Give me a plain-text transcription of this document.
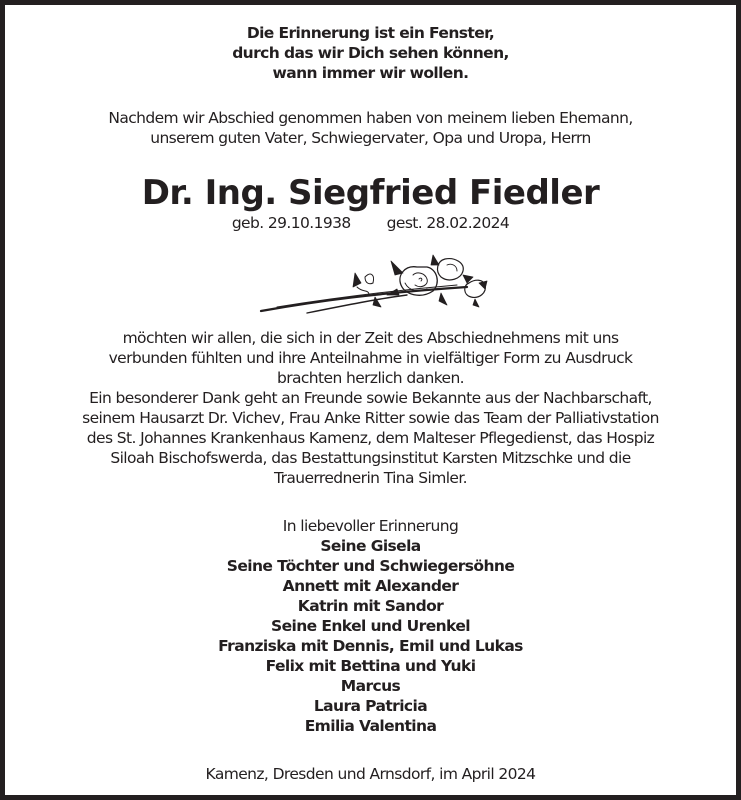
Die Erinnerung ist ein Fenster,
durch das wir Dich sehen können,
wann immer wir wollen.
Nachdem wir Abschied genommen haben von meinem lieben Ehemann,
unserem guten Vater, Schwiegervater, Opa und Uropa, Herrn
Dr. Ing. Siegfried Fiedler
geb. 29.10.1938 gest. 28.02.2024
möchten wir allen, die sich in der Zeit des Abschiednehmens mit uns
verbunden fühlten und ihre Anteilnahme in vielfältiger Form zu Ausdruck
brachten herzlich danken.
Ein besonderer Dank geht an Freunde sowie Bekannte aus der Nachbarschaft,
seinem Hausarzt Dr. Vichev, Frau Anke Ritter sowie das Team der Palliativstation
des St. Johannes Krankenhaus Kamenz, dem Malteser Pflegedienst, das Hospiz
Siloah Bischofswerda, das Bestattungsinstitut Karsten Mitzschke und die
Trauerrednerin Tina Simler.
In liebevoller Erinnerung
Seine Gisela
Seine Töchter und Schwiegersöhne
Annett mit Alexander
Katrin mit Sandor
Seine Enkel und Urenkel
Franziska mit Dennis, Emil und Lukas
Felix mit Bettina und Yuki
Marcus
Laura Patricia
Emilia Valentina
Kamenz, Dresden und Arnsdorf, im April 2024
